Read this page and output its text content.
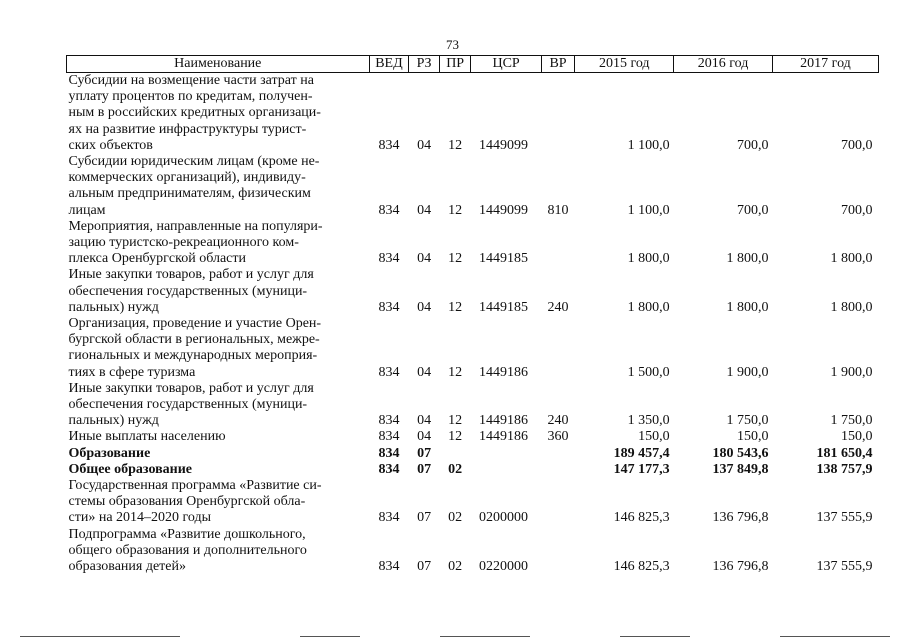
73
Наименование	ВЕД	РЗ	ПР	ЦСР	ВР	2015 год	2016 год	2017 год
Субсидии на возмещение части затрат на
уплату процентов по кредитам, получен-
ным в российских кредитных организаци-
ях на развитие инфраструктуры турист-
ских объектов	834	04	12	1449099		1 100,0	700,0	700,0
Субсидии юридическим лицам (кроме не-
коммерческих организаций), индивиду-
альным предпринимателям, физическим
лицам	834	04	12	1449099	810	1 100,0	700,0	700,0
Мероприятия, направленные на популяри-
зацию туристско-рекреационного ком-
плекса Оренбургской области	834	04	12	1449185		1 800,0	1 800,0	1 800,0
Иные закупки товаров, работ и услуг для
обеспечения государственных (муници-
пальных) нужд	834	04	12	1449185	240	1 800,0	1 800,0	1 800,0
Организация, проведение и участие Орен-
бургской области в региональных, межре-
гиональных и международных мероприя-
тиях в сфере туризма	834	04	12	1449186		1 500,0	1 900,0	1 900,0
Иные закупки товаров, работ и услуг для
обеспечения государственных (муници-
пальных) нужд	834	04	12	1449186	240	1 350,0	1 750,0	1 750,0
Иные выплаты населению	834	04	12	1449186	360	150,0	150,0	150,0
Образование	834	07				189 457,4	180 543,6	181 650,4
Общее образование	834	07	02			147 177,3	137 849,8	138 757,9
Государственная программа «Развитие си-
стемы образования Оренбургской обла-
сти» на 2014–2020 годы	834	07	02	0200000		146 825,3	136 796,8	137 555,9
Подпрограмма «Развитие дошкольного,
общего образования и дополнительного
образования детей»	834	07	02	0220000		146 825,3	136 796,8	137 555,9
